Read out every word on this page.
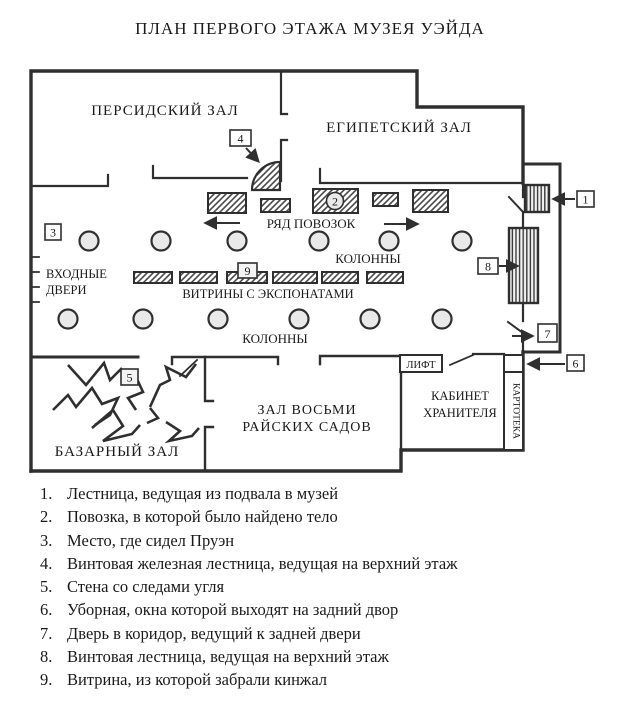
ПЛАН ПЕРВОГО ЭТАЖА МУЗЕЯ УЭЙДА
1
2
3
4
5
6
7
8
9
ПЕРСИДСКИЙ ЗАЛ
ЕГИПЕТСКИЙ ЗАЛ
РЯД ПОВОЗОК
КОЛОННЫ
КОЛОННЫ
ВХОДНЫЕ
ДВЕРИ	ВИТРИНЫ С ЭКСПОНАТАМИ
БАЗАРНЫЙ ЗАЛ
ЗАЛ ВОСЬМИ
РАЙСКИХ САДОВ
ЛИФТ
КАБИНЕТ
ХРАНИТЕЛЯ КАРТОТЕКА
1. Лестница, ведущая из подвала в музей
2. Повозка, в которой было найдено тело
3. Место, где сидел Пруэн
4. Винтовая железная лестница, ведущая на верхний этаж
5. Стена со следами угля
6. Уборная, окна которой выходят на задний двор
7. Дверь в коридор, ведущий к задней двери
8. Винтовая лестница, ведущая на верхний этаж
9. Витрина, из которой забрали кинжал
